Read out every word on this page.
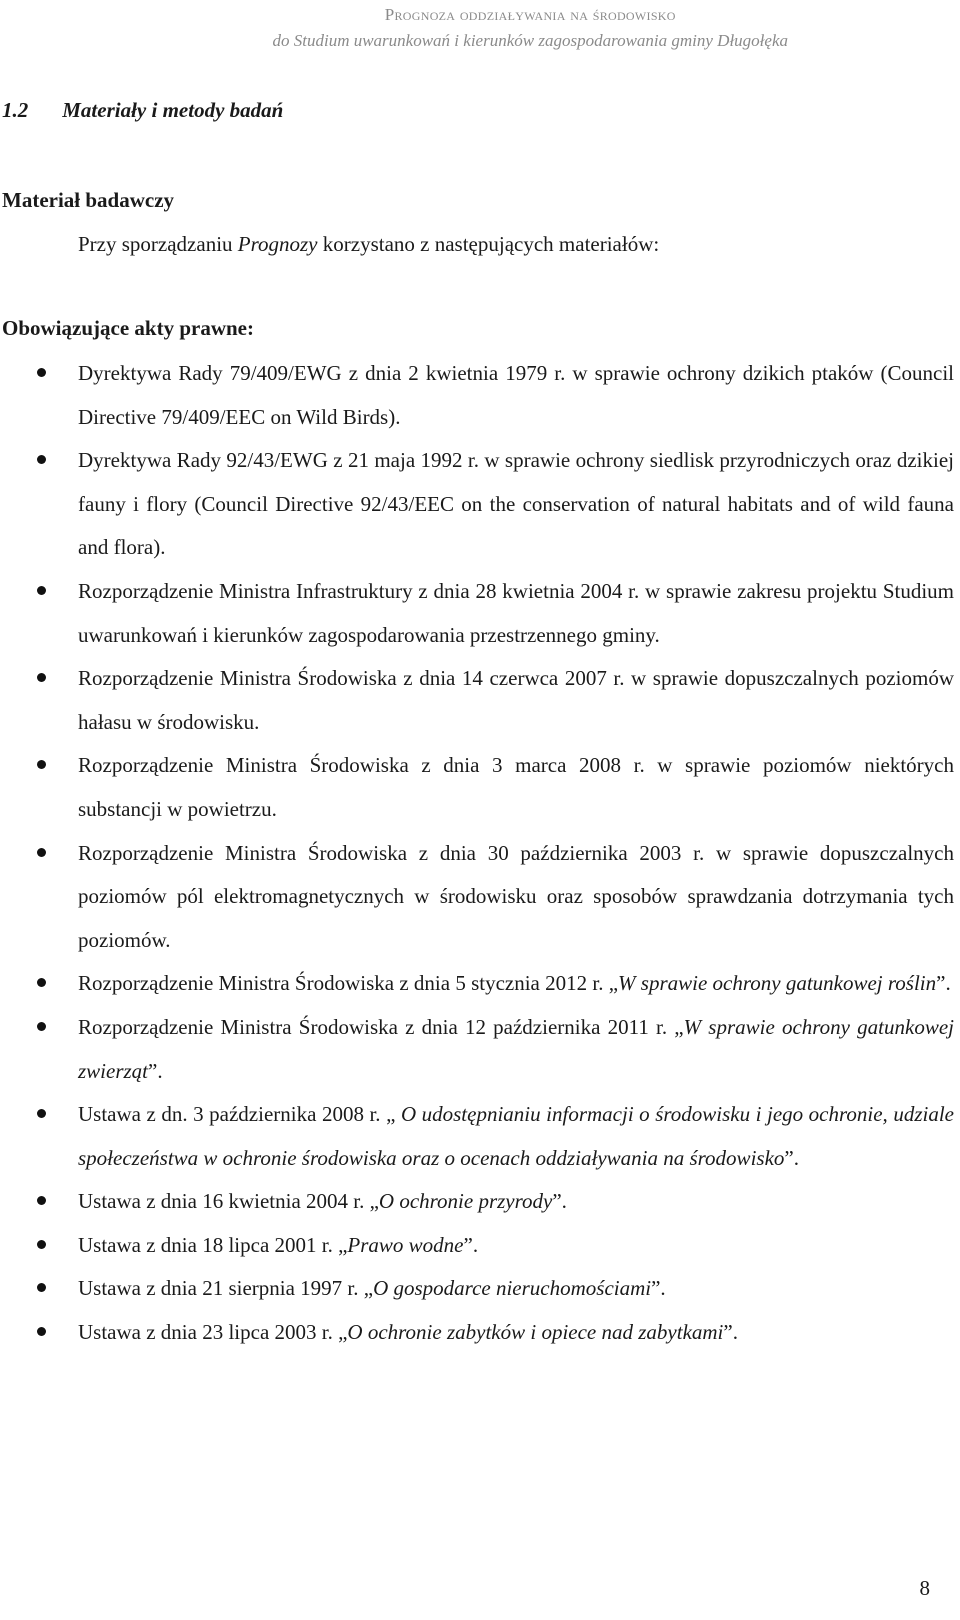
Prognoza oddziaływania na środowisko
do Studium uwarunkowań i kierunków zagospodarowania gminy Długołęka
1.2 Materiały i metody badań
Materiał badawczy

Przy sporządzaniu Prognozy korzystano z następujących materiałów:

Obowiązujące akty prawne:
Dyrektywa Rady 79/409/EWG z dnia 2 kwietnia 1979 r. w sprawie ochrony dzikich ptaków (Council Directive 79/409/EEC on Wild Birds).
Dyrektywa Rady 92/43/EWG z 21 maja 1992 r. w sprawie ochrony siedlisk przyrodniczych oraz dzikiej fauny i flory (Council Directive 92/43/EEC on the conservation of natural habitats and of wild fauna and flora).
Rozporządzenie Ministra Infrastruktury z dnia 28 kwietnia 2004 r. w sprawie zakresu projektu Studium uwarunkowań i kierunków zagospodarowania przestrzennego gminy.
Rozporządzenie Ministra Środowiska z dnia 14 czerwca 2007 r. w sprawie dopuszczalnych poziomów hałasu w środowisku.
Rozporządzenie Ministra Środowiska z dnia 3 marca 2008 r. w sprawie poziomów niektórych substancji w powietrzu.
Rozporządzenie Ministra Środowiska z dnia 30 października 2003 r. w sprawie dopuszczalnych poziomów pól elektromagnetycznych w środowisku oraz sposobów sprawdzania dotrzymania tych poziomów.
Rozporządzenie Ministra Środowiska z dnia 5 stycznia 2012 r. „W sprawie ochrony gatunkowej roślin”.
Rozporządzenie Ministra Środowiska z dnia 12 października 2011 r. „W sprawie ochrony gatunkowej zwierząt”.
Ustawa z dn. 3 października 2008 r. „ O udostępnianiu informacji o środowisku i jego ochronie, udziale społeczeństwa w ochronie środowiska oraz o ocenach oddziaływania na środowisko”.
Ustawa z dnia 16 kwietnia 2004 r. „O ochronie przyrody”.
Ustawa z dnia 18 lipca 2001 r. „Prawo wodne”.
Ustawa z dnia 21 sierpnia 1997 r. „O gospodarce nieruchomościami”.
Ustawa z dnia 23 lipca 2003 r. „O ochronie zabytków i opiece nad zabytkami”.
8
